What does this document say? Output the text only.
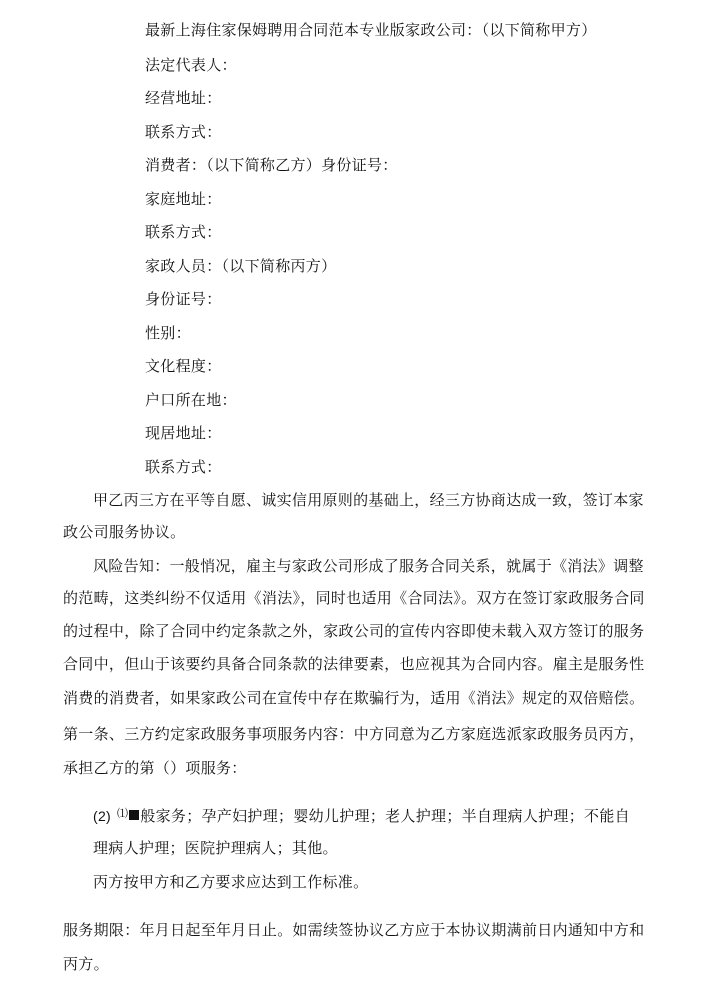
最新上海住家保姆聘用合同范本专业版家政公司：（以下简称甲方）
法定代表人：
经营地址：
联系方式：
消费者：（以下简称乙方）身份证号：
家庭地址：
联系方式：
家政人员：（以下简称丙方）
身份证号：
性别：
文化程度：
户口所在地：
现居地址：
联系方式：
甲乙丙三方在平等自愿、诚实信用原则的基础上，经三方协商达成一致，签订本家
政公司服务协议。
风险告知：一般悄况，雇主与家政公司形成了服务合同关系，就属于《消法》调整
的范畴，这类纠纷不仅适用《消法》，同时也适用《合同法》。双方在签订家政服务合同
的过程中，除了合同中约定条款之外，家政公司的宣传内容即使未载入双方签订的服务
合同中，但山于该要约具备合同条款的法律要素，也应视其为合同内容。雇主是服务性
消费的消费者，如果家政公司在宣传中存在欺骗行为，适用《消法》规定的双倍赔偿。
第一条、三方约定家政服务事项服务内容：中方同意为乙方家庭选派家政服务员丙方，
承担乙方的第（）项服务：
(2) ⑴ 般家务；孕产妇护理；婴幼儿护理；老人护理；半自理病人护理；不能自
理病人护理；医院护理病人；其他。
丙方按甲方和乙方要求应达到工作标准。
服务期限：年月日起至年月日止。如需续签协议乙方应于本协议期满前日内通知中方和
丙方。
